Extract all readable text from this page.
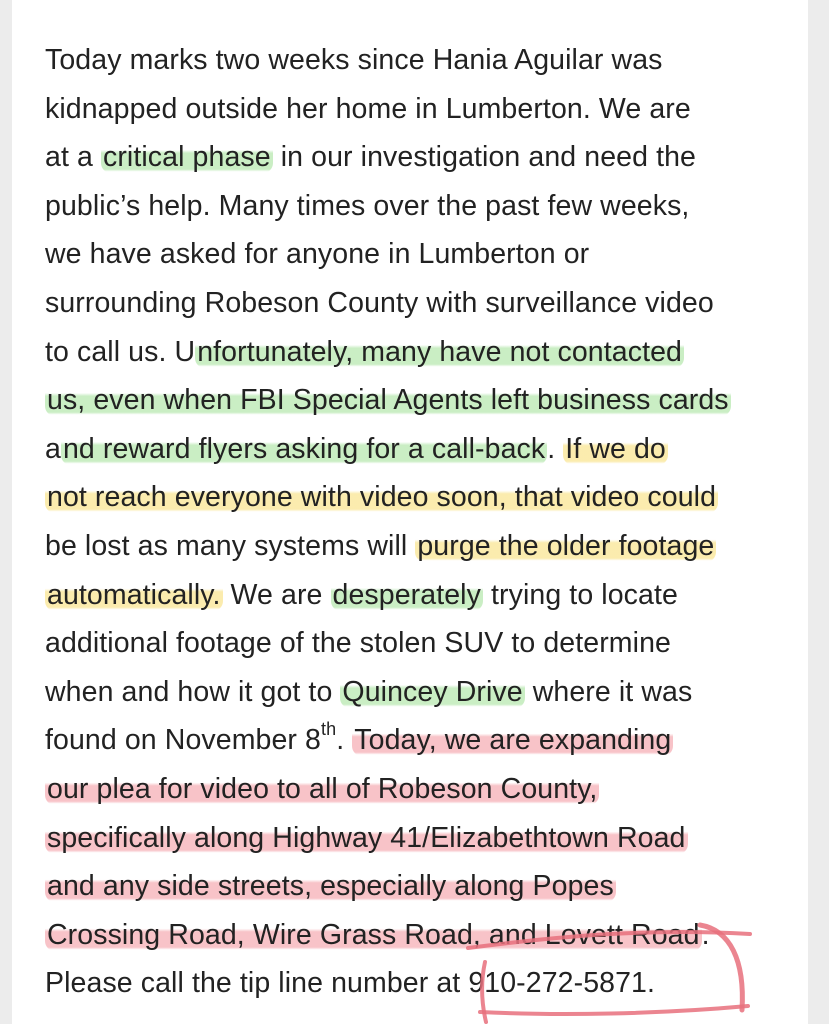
Today marks two weeks since Hania Aguilar was
kidnapped outside her home in Lumberton. We are
at a critical phase in our investigation and need the
public’s help. Many times over the past few weeks,
we have asked for anyone in Lumberton or
surrounding Robeson County with surveillance video
to call us. Unfortunately, many have not contacted
us, even when FBI Special Agents left business cards
and reward flyers asking for a call-back. If we do
not reach everyone with video soon, that video could
be lost as many systems will purge the older footage
automatically. We are desperately trying to locate
additional footage of the stolen SUV to determine
when and how it got to Quincey Drive where it was
found on November 8th. Today, we are expanding
our plea for video to all of Robeson County,
specifically along Highway 41/Elizabethtown Road
and any side streets, especially along Popes
Crossing Road, Wire Grass Road, and Lovett Road.
Please call the tip line number at 910-272-5871.
